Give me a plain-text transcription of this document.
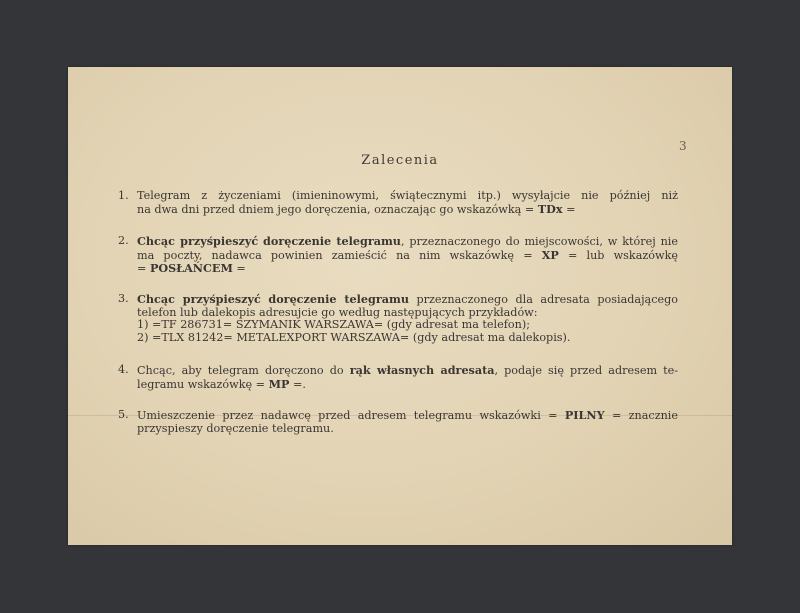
3
Zalecenia
1. Telegram z życzeniami (imieninowymi, świątecznymi itp.) wysyłajcie nie później niż
na dwa dni przed dniem jego doręczenia, oznaczając go wskazówką = TDx =
2. Chcąc przyśpieszyć doręczenie telegramu, przeznaczonego do miejscowości, w której nie
ma poczty, nadawca powinien zamieścić na nim wskazówkę = XP = lub wskazówkę
= POSŁAŃCEM =
3. Chcąc przyśpieszyć doręczenie telegramu przeznaczonego dla adresata posiadającego
telefon lub dalekopis adresujcie go według następujących przykładów:
1) =TF 286731= SZYMANIK WARSZAWA= (gdy adresat ma telefon);
2) =TLX 81242= METALEXPORT WARSZAWA= (gdy adresat ma dalekopis).
4. Chcąc, aby telegram doręczono do rąk własnych adresata, podaje się przed adresem te-
legramu wskazówkę = MP =.
5. Umieszczenie przez nadawcę przed adresem telegramu wskazówki = PILNY = znacznie
przyspieszy doręczenie telegramu.
